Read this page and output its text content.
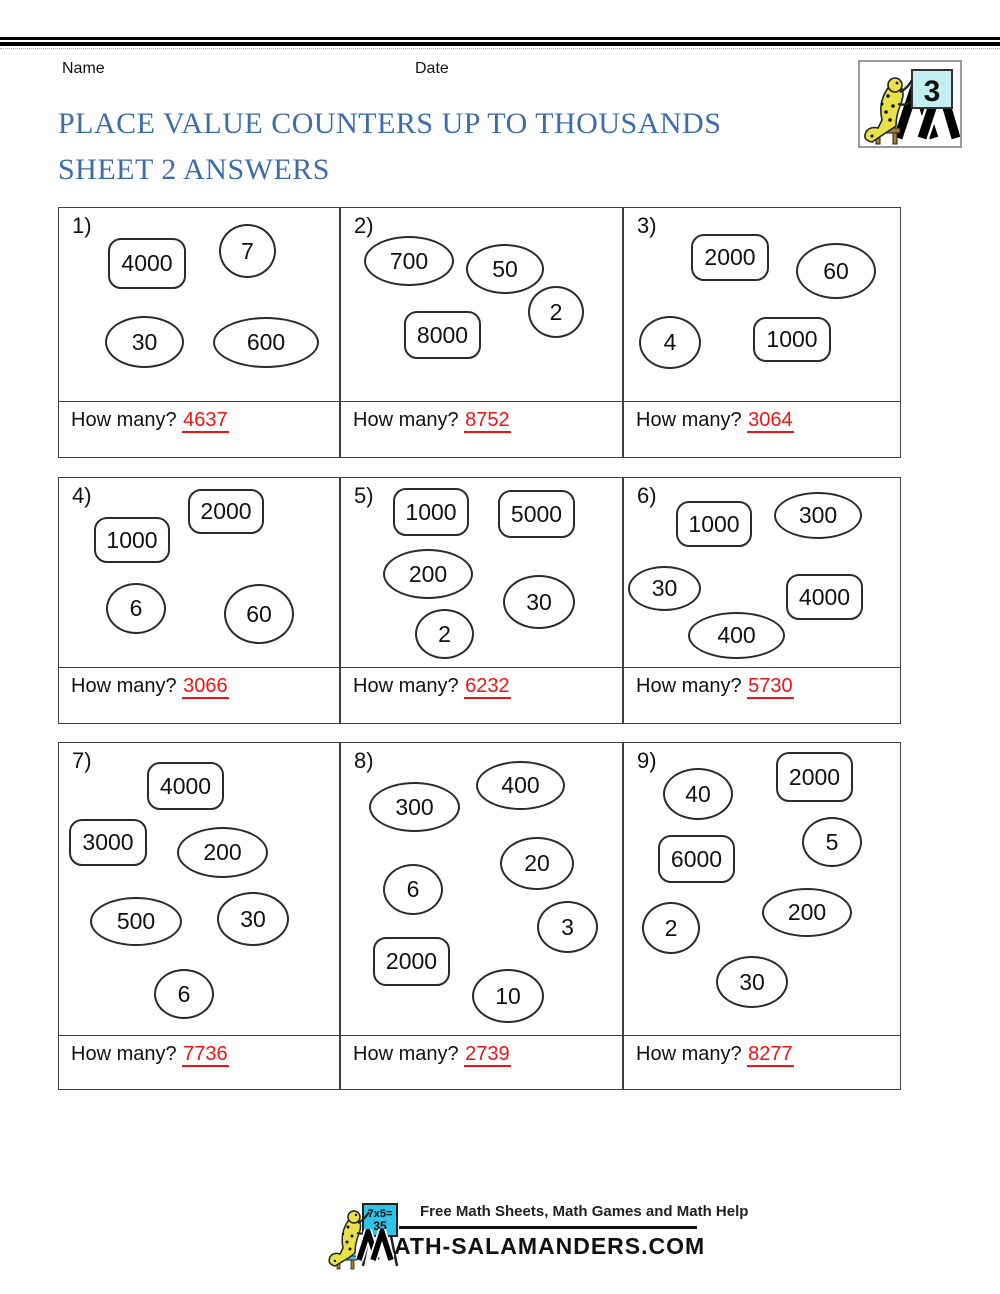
Name	Date
PLACE VALUE COUNTERS UP TO THOUSANDS
SHEET 2 ANSWERS
3
1)
4000	7
30	600
How many? 4637
2)
700	50
2
8000
How many? 8752
3)
2000
60
4	1000
How many? 3064
4)
2000
1000
6	60
How many? 3066
5)
1000	5000
200
30
2
How many? 6232
6)
1000	300
30	4000
400
How many? 5730
7)
4000
3000	200
500	30
6
How many? 7736
8)
300
400
20
6
3
2000
10
How many? 2739
9)
40
2000
5
6000
200
2
30
How many? 8277
7x5=
35
Free Math Sheets, Math Games and Math Help
ATH-SALAMANDERS.COM
